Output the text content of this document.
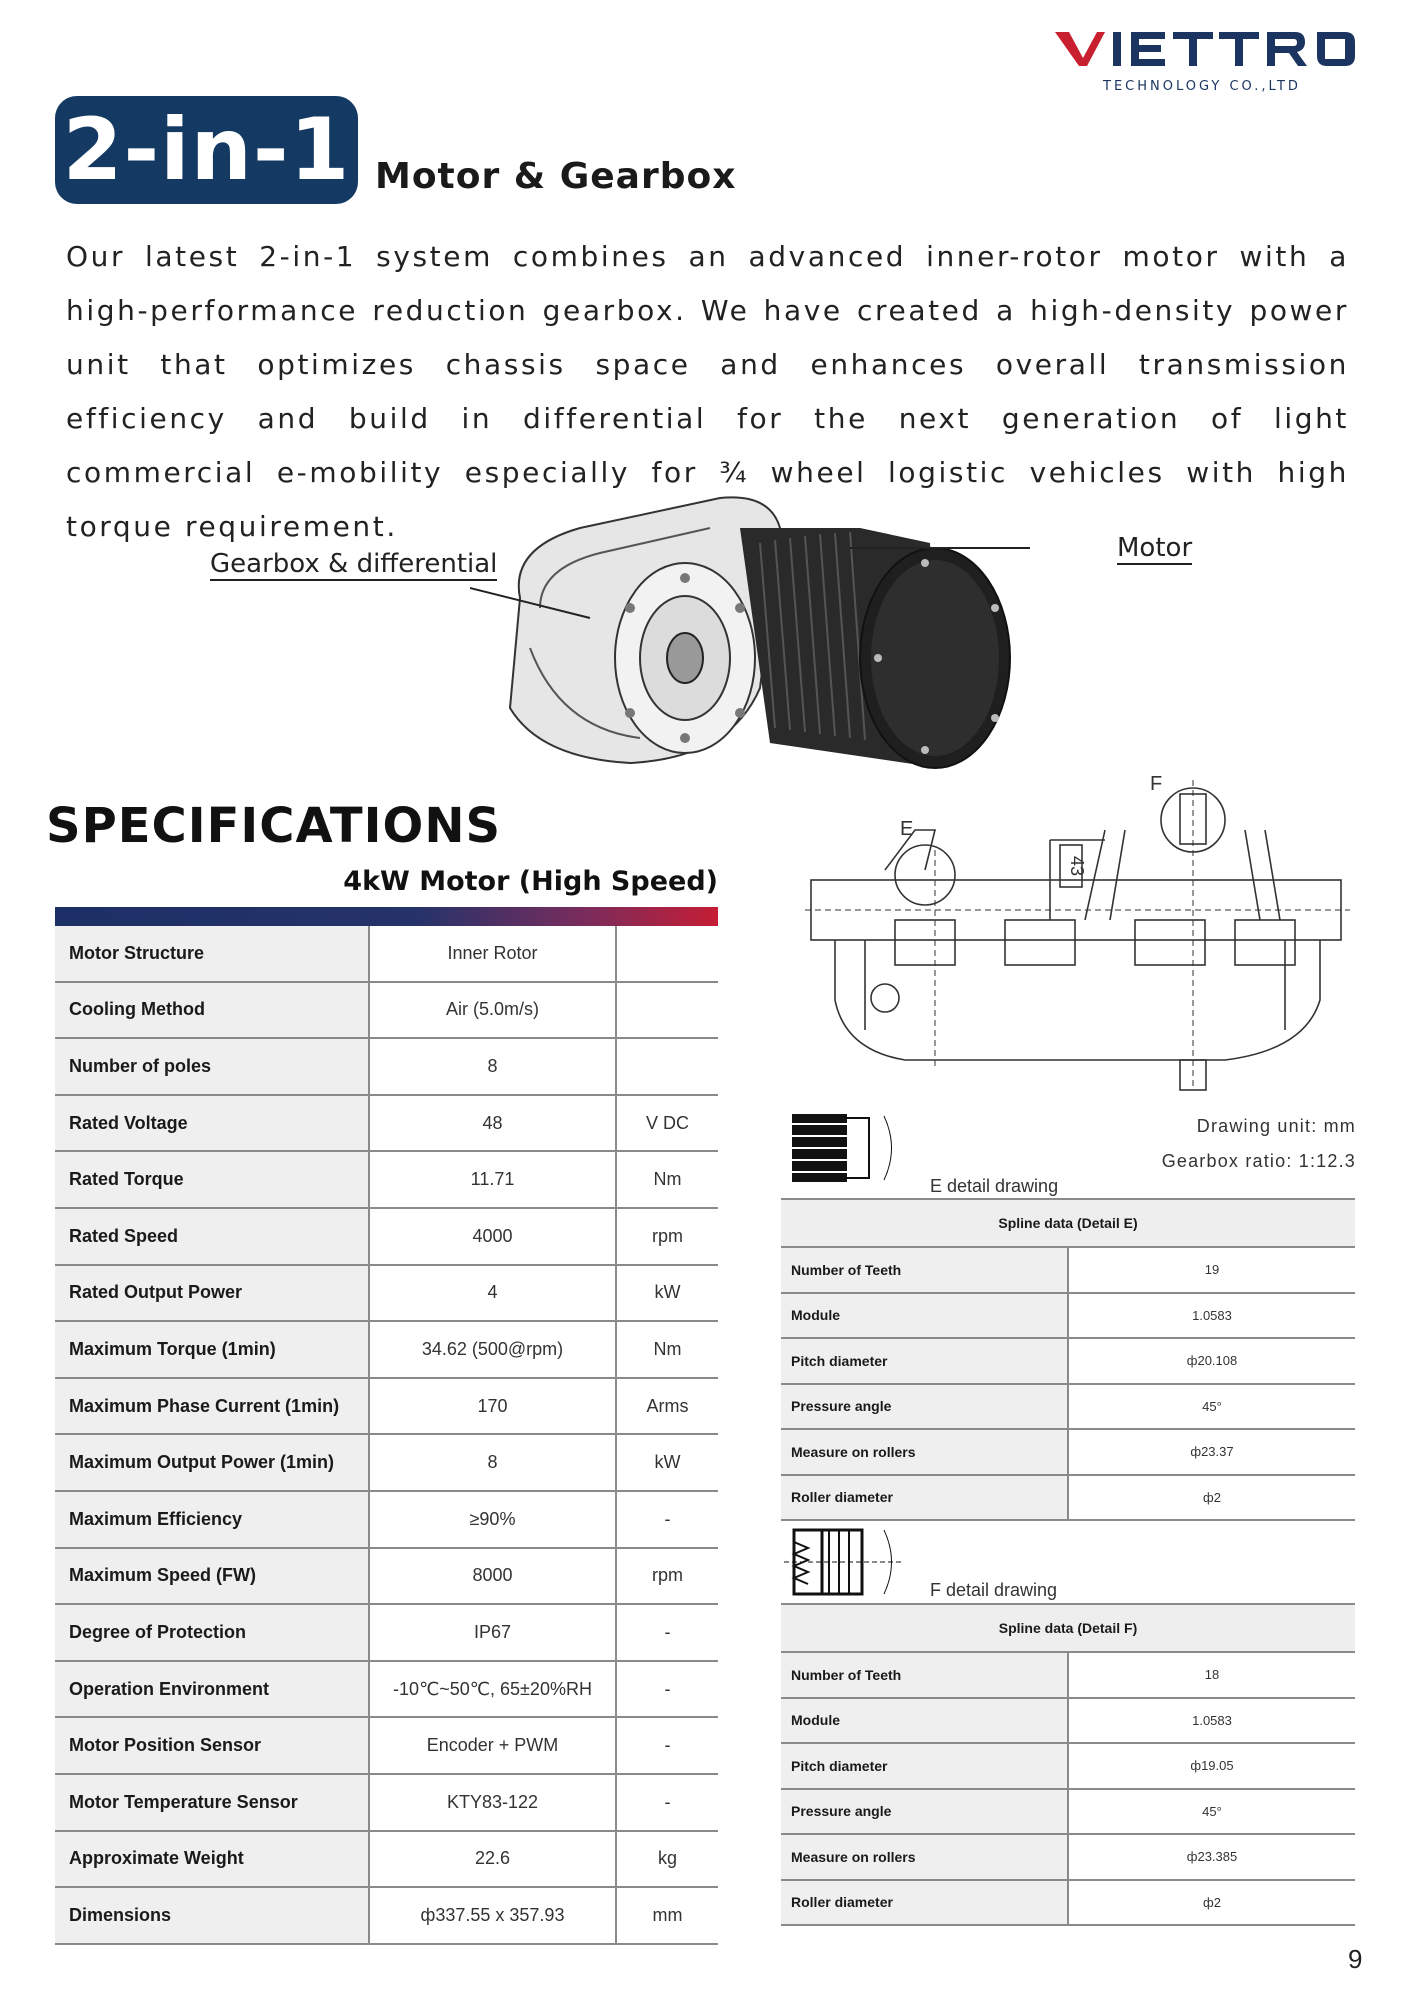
TECHNOLOGY CO.,LTD
2-in-1 Motor & Gearbox

Our latest 2-in-1 system combines an advanced inner-rotor motor with a high-performance reduction gearbox. We have created a high-density power unit that optimizes chassis space and enhances overall transmission efficiency and build in differential for the next generation of light commercial e-mobility especially for ¾ wheel logistic vehicles with high torque requirement.

Gearbox & differential
Motor
SPECIFICATIONS
4kW Motor (High Speed)
Motor Structure	Inner Rotor	
Cooling Method	Air (5.0m/s)	
Number of poles	8	
Rated Voltage	48	V DC
Rated Torque	11.71	Nm
Rated Speed	4000	rpm
Rated Output Power	4	kW
Maximum Torque (1min)	34.62 (500@rpm)	Nm
Maximum Phase Current (1min)	170	Arms
Maximum Output Power (1min)	8	kW
Maximum Efficiency	≥90%	-
Maximum Speed (FW)	8000	rpm
Degree of Protection	IP67	-
Operation Environment	-10℃~50℃, 65±20%RH	-
Motor Position Sensor	Encoder + PWM	-
Motor Temperature Sensor	KTY83-122	-
Approximate Weight	22.6	kg
Dimensions	ф337.55 x 357.93	mm
43
E
F
Drawing unit: mm
Gearbox ratio: 1:12.3
E detail drawing
Spline data (Detail E)	
Number of Teeth	19
Module	1.0583
Pitch diameter	ф20.108
Pressure angle	45°
Measure on rollers	ф23.37
Roller diameter	ф2
F detail drawing
Spline data (Detail F)	
Number of Teeth	18
Module	1.0583
Pitch diameter	ф19.05
Pressure angle	45°
Measure on rollers	ф23.385
Roller diameter	ф2
9
